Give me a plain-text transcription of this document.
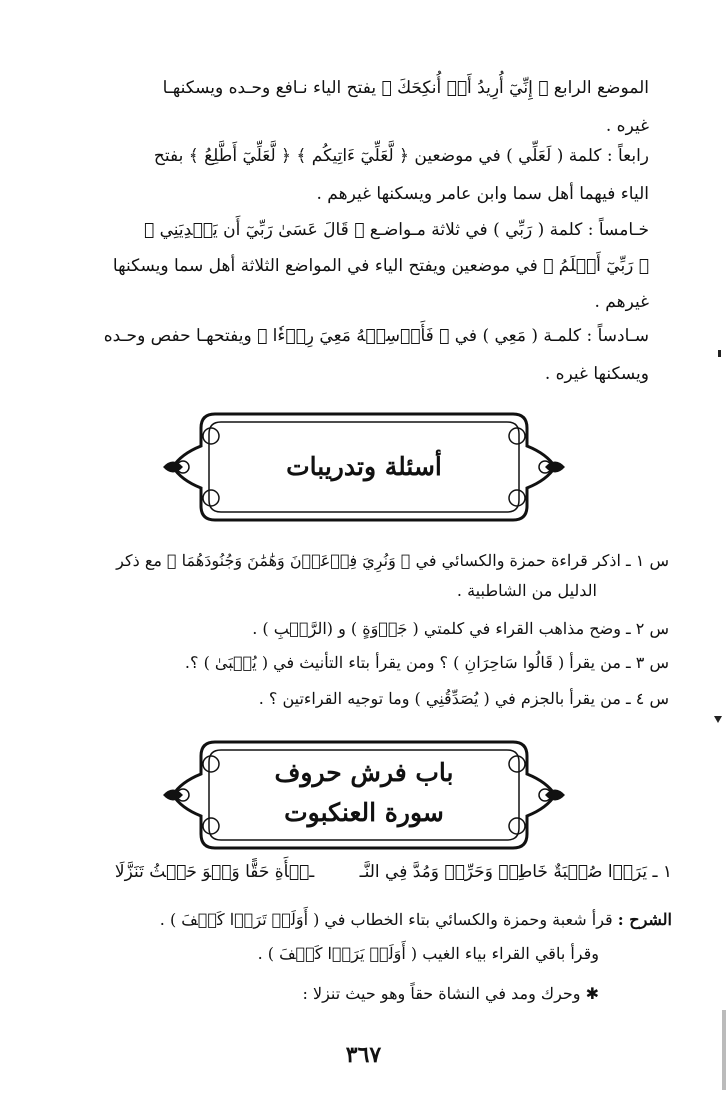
الموضع الرابع ﴿ إِنِّيٓ أُرِيدُ أَنۡ أُنكِحَكَ ﴾ يفتح الياء نـافع وحـده ويسكنهـا
غيره .
رابعاً : كلمة ( لَعَلِّي ) في موضعين ﴿ لَّعَلِّيٓ ءَاتِيكُم ﴾ ﴿ لَّعَلِّيٓ أَطَّلِعُ ﴾ بفتح
الياء فيهما أهل سما وابن عامر ويسكنها غيرهم .
خـامساً : كلمة ( رَبِّي ) في ثلاثة مـواضـع ﴿ قَالَ عَسَىٰ رَبِّيٓ أَن يَهۡدِيَنِي ﴾
﴿ رَبِّيٓ أَعۡلَمُ ﴾ في موضعين ويفتح الياء في المواضع الثلاثة أهل سما ويسكنها
غيرهم .
سـادساً : كلمـة ( مَعِي ) في ﴿ فَأَرۡسِلۡهُ مَعِيَ رِدۡءٗا ﴾ ويفتحهـا حفص وحـده
ويسكنها غيره .
أسئلة وتدريبات
س ١ ـ اذكر قراءة حمزة والكسائي في ﴿ وَنُرِيَ فِرۡعَوۡنَ وَهَٰمَٰنَ وَجُنُودَهُمَا ﴾ مع ذكر
الدليل من الشاطبية .
س ٢ ـ وضح مذاهب القراء في كلمتي ( جَذۡوَةٍ ) و (الرَّهۡبِ ) .
س ٣ ـ من يقرأ ( قَالُوا سَاحِرَانِ ) ؟ ومن يقرأ بتاء التأنيث في ( يُجۡبَىٰ ) ؟.
س ٤ ـ من يقرأ بالجزم في ( يُصَدِّقُنِي ) وما توجيه القراءتين ؟ .
باب فرش حروف
سورة العنكبوت
١ ـ يَرَوۡا صُحۡبَةٌ خَاطِبۡ وَحَرِّكۡ وَمُدَّ فِي النَّـ ـشۡأَةِ حَقًّا وَهۡوَ حَيۡثُ تَنَزَّلَا
الشرح : قرأ شعبة وحمزة والكسائي بتاء الخطاب في ( أَوَلَمۡ تَرَوۡا كَيۡفَ ) .
وقرأ باقي القراء بياء الغيب ( أَوَلَمۡ يَرَوۡا كَيۡفَ ) .
✱ وحرك ومد في النشاة حقاً وهو حيث تنزلا :
٣٦٧
